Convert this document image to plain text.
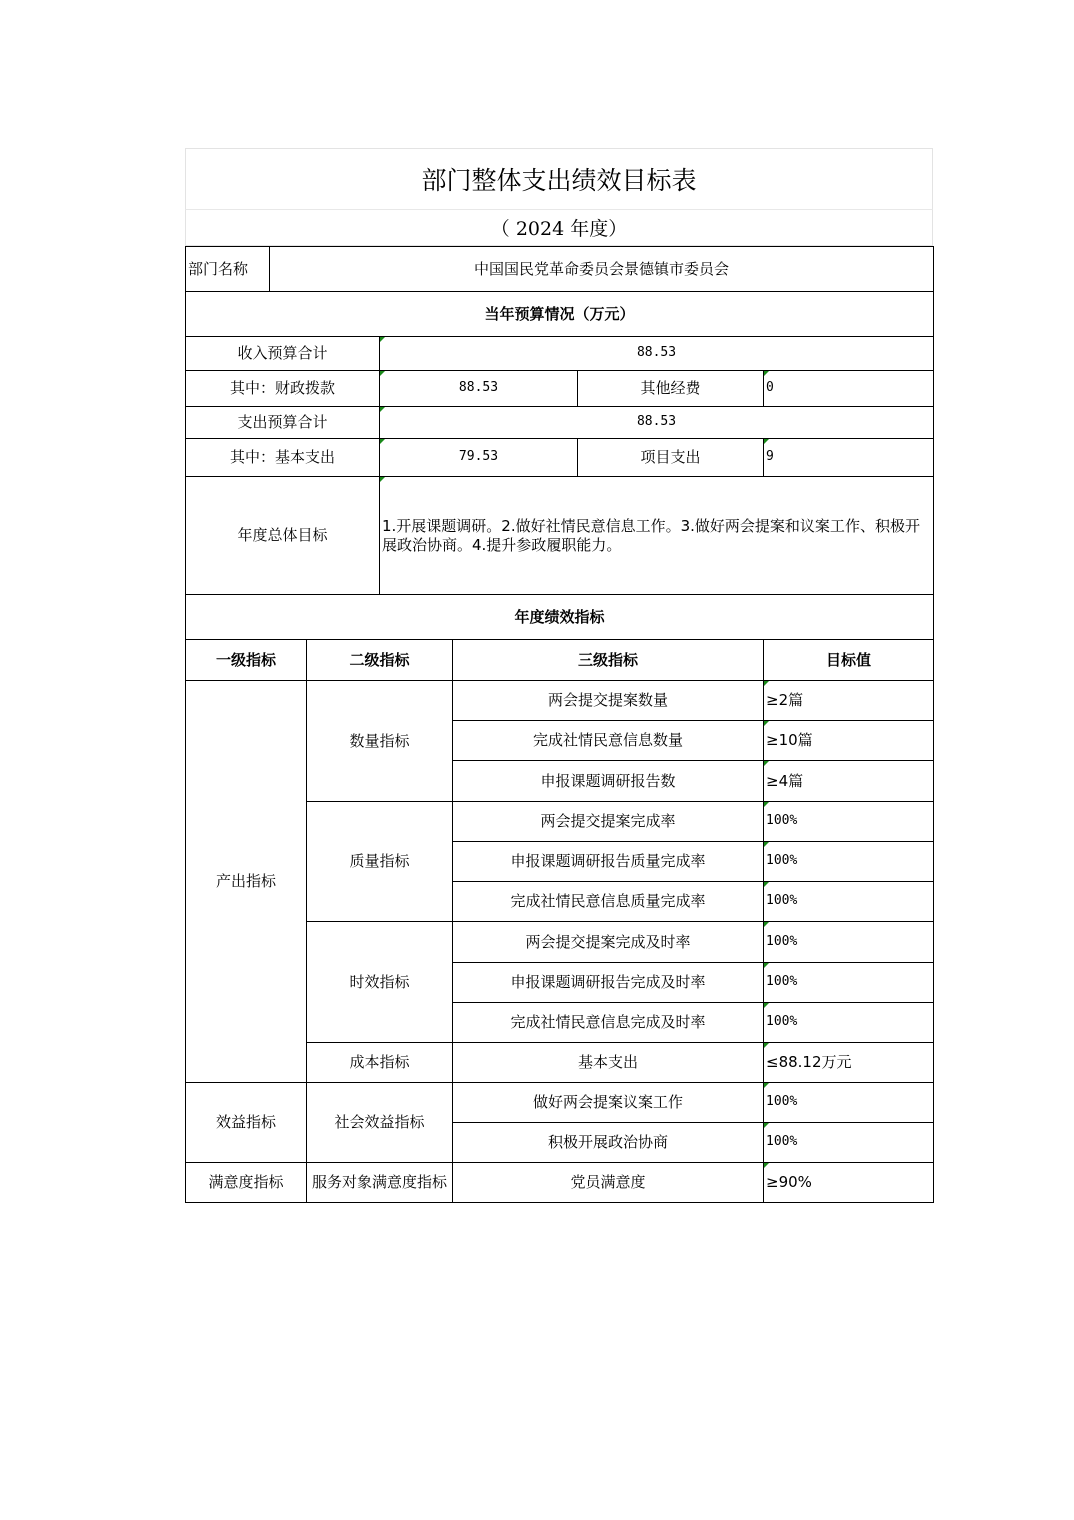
部门整体支出绩效目标表
（ 2024 年度）
部门名称	中国国民党革命委员会景德镇市委员会
当年预算情况（万元）			
收入预算合计	88.53		
其中：财政拨款	88.53	其他经费	0
支出预算合计	88.53		
其中：基本支出	79.53	项目支出	9
年度总体目标	1.开展课题调研。2.做好社情民意信息工作。3.做好两会提案和议案工作、积极开展政治协商。4.提升参政履职能力。		
年度绩效指标			
一级指标	二级指标	三级指标	目标值
产出指标	数量指标	两会提交提案数量	≥2篇
		完成社情民意信息数量	≥10篇
		申报课题调研报告数	≥4篇
	质量指标	两会提交提案完成率	100%
		申报课题调研报告质量完成率	100%
		完成社情民意信息质量完成率	100%
	时效指标	两会提交提案完成及时率	100%
		申报课题调研报告完成及时率	100%
		完成社情民意信息完成及时率	100%
	成本指标	基本支出	≤88.12万元
效益指标	社会效益指标	做好两会提案议案工作	100%
		积极开展政治协商	100%
满意度指标	服务对象满意度指标	党员满意度	≥90%
